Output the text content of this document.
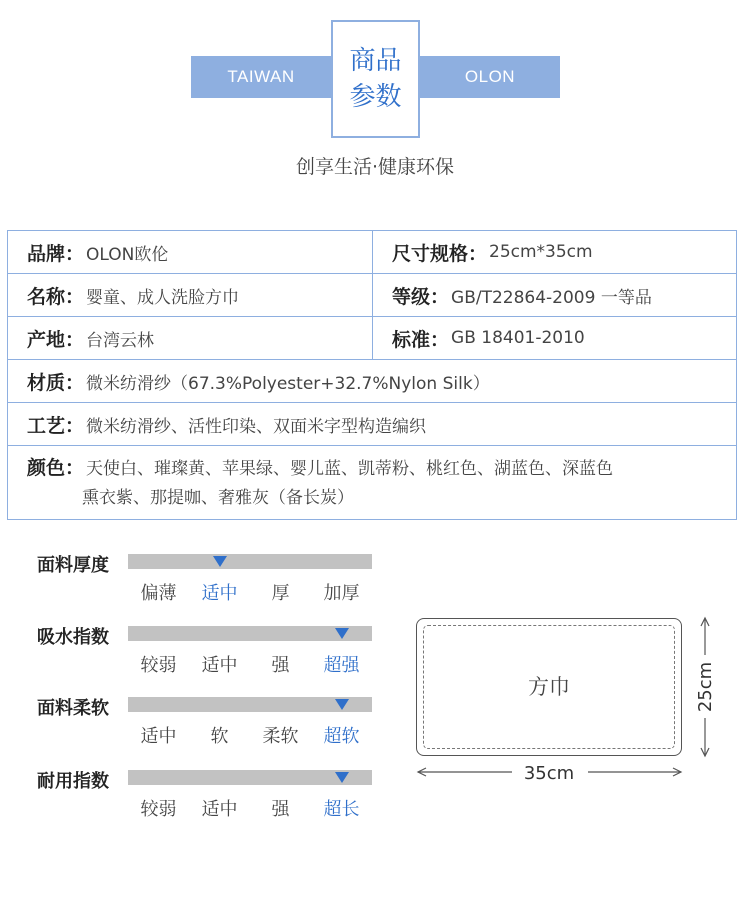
TAIWAN	OLON
商品
参数
创享生活·健康环保
品牌： OLON欧伦	尺寸规格： 25cm*35cm
名称： 婴童、成人洗脸方巾	等级： GB/T22864-2009 一等品
产地： 台湾云林	标准： GB 18401-2010
材质： 微米纺滑纱（67.3%Polyester+32.7%Nylon Silk）
工艺： 微米纺滑纱、活性印染、双面米字型构造编织
颜色： 天使白、璀璨黄、苹果绿、婴儿蓝、凯蒂粉、桃红色、湖蓝色、深蓝色
熏衣紫、那提咖、奢雅灰（备长炭）
面料厚度
偏薄	适中	厚	加厚
吸水指数
较弱	适中	强	超强
面料柔软
适中	软	柔软	超软
耐用指数
较弱	适中	强	超长
方巾
35cm
25cm
